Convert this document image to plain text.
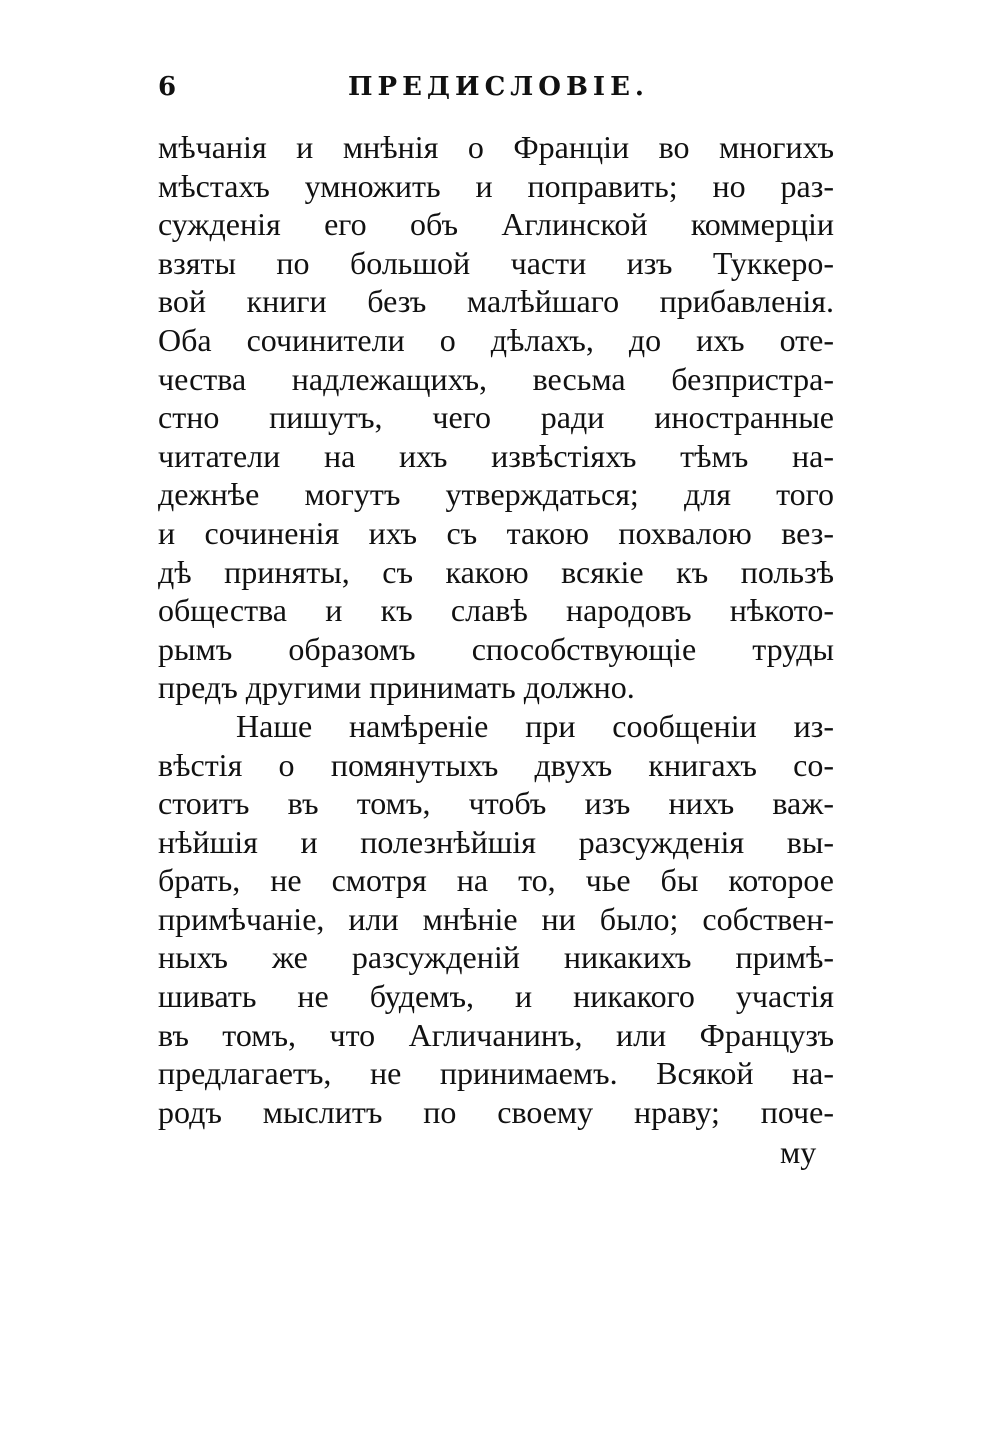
6	ПРЕДИСЛОВІЕ.
мѣчанія и мнѣнія о Франціи во многихъ
мѣстахъ умножить и поправить; но раз-
сужденія его объ Аглинской коммерціи
взяты по большой части изъ Туккеро-
вой книги безъ малѣйшаго прибавленія.
Оба сочинители о дѣлахъ, до ихъ оте-
чества надлежащихъ, весьма безпристра-
стно пишутъ, чего ради иностранные
читатели на ихъ извѣстіяхъ тѣмъ на-
дежнѣе могутъ утверждаться; для того
и сочиненія ихъ съ такою похвалою вез-
дѣ приняты, съ какою всякіе къ пользѣ
общества и къ славѣ народовъ нѣкото-
рымъ образомъ способствующіе труды
предъ другими принимать должно.
Наше намѣреніе при сообщеніи из-
вѣстія о помянутыхъ двухъ книгахъ со-
стоитъ въ томъ, чтобъ изъ нихъ важ-
нѣйшія и полезнѣйшія разсужденія вы-
брать, не смотря на то, чье бы которое
примѣчаніе, или мнѣніе ни было; собствен-
ныхъ же разсужденій никакихъ примѣ-
шивать не будемъ, и никакого участія
въ томъ, что Агличанинъ, или Французъ
предлагаетъ, не принимаемъ. Всякой на-
родъ мыслитъ по своему нраву; поче-
му
